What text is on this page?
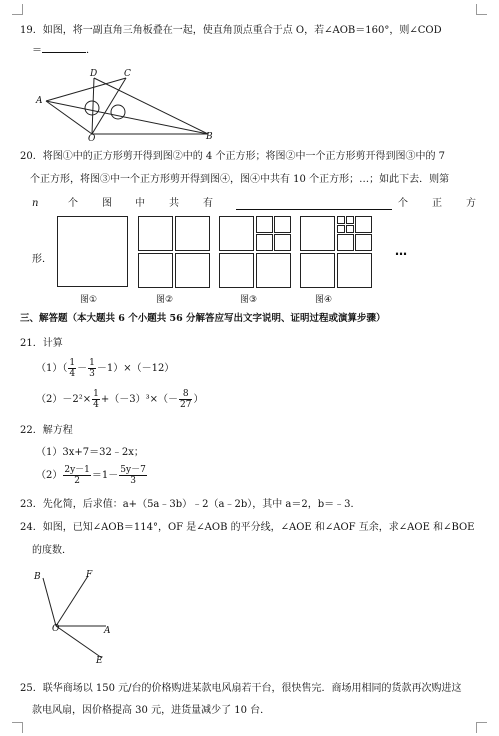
19．如图，将一副直角三角板叠在一起，使直角顶点重合于点 O，若∠AOB＝160°，则∠COD
＝	．
A
D	C
O	B
20．将图①中的正方形剪开得到图②中的 4 个正方形；将图②中一个正方形剪开得到图③中的 7
个正方形，将图③中一个正方形剪开得到图④，图④中共有 10 个正方形；…；如此下去．则第
n	个 图 中 共 有	个 正 方
形．
…
图①	图②	图③	图④
三、解答题（本大题共 6 个小题共 56 分解答应写出文字说明、证明过程或演算步骤）
21．计算
$(1)( \frac{1}{4} - \frac{1}{3} -1)\times(-12)$
$(2)-2^2\times \frac{1}{4} +(-3)^3\times(- \frac{8}{27}$ ）
22．解方程
（1）3x+7＝32﹣2x；
$(2) \frac{2y-1}{2} =1- \frac{5y-7}{3}$
23．先化简，后求值：a+（5a﹣3b）﹣2（a﹣2b），其中 a＝2，b＝﹣3．
24．如图，已知∠AOB＝114°，OF 是∠AOB 的平分线，∠AOE 和∠AOF 互余，求∠AOE 和∠BOE
的度数．
B	F
O	A
E
25．联华商场以 150 元/台的价格购进某款电风扇若干台，很快售完．商场用相同的货款再次购进这
款电风扇，因价格提高 30 元，进货量减少了 10 台．
